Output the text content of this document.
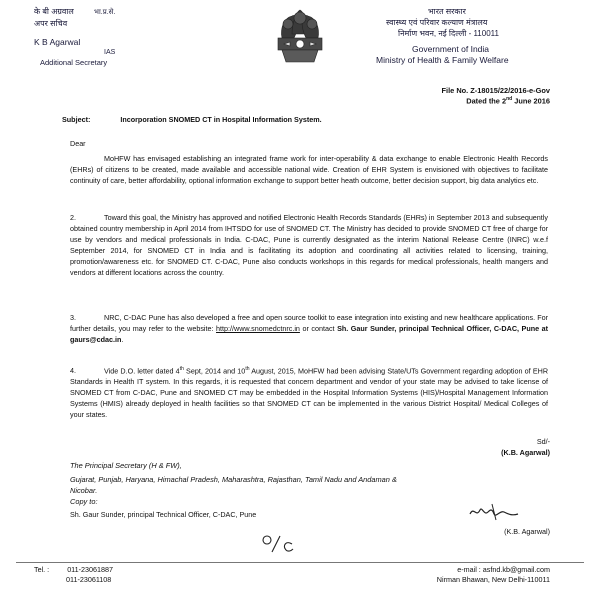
के बी अग्रवाल	भा.प्र.से.
अपर सचिव
K B Agarwal
IAS
Additional Secretary
भारत सरकार
स्वास्थ्य एवं परिवार कल्याण मंत्रालय
निर्माण भवन, नई दिल्ली - 110011
Government of India
Ministry of Health & Family Welfare
File No. Z-18015/22/2016-e-Gov
Dated the 2nd June 2016
Subject:	Incorporation SNOMED CT in Hospital Information System.
Dear
MoHFW has envisaged establishing an integrated frame work for inter-operability & data exchange to enable Electronic Health Records (EHRs) of citizens to be created, made available and accessible national wide. Creation of EHR System is envisioned with objectives to facilitate continuity of care, better affordability, optional information exchange to support better heath outcome, better decision support, big data analytics etc.
2.	Toward this goal, the Ministry has approved and notified Electronic Health Records Standards (EHRs) in September 2013 and subsequently obtained country membership in April 2014 from IHTSDO for use of SNOMED CT. The Ministry has decided to provide SNOMED CT free of charge for use by vendors and medical professionals in India. C-DAC, Pune is currently designated as the interim National Release Centre (INRC) w.e.f September 2014, for SNOMED CT in India and is facilitating its adoption and coordinating all activities related to licensing, training, promotion/awareness etc. for SNOMED CT. C-DAC, Pune also conducts workshops in this regards for medical professionals, health mangers and vendors at different locations across the country.
3.	NRC, C-DAC Pune has also developed a free and open source toolkit to ease integration into existing and new healthcare applications. For further details, you may refer to the website: http://www.snomedctnrc.in or contact Sh. Gaur Sunder, principal Technical Officer, C-DAC, Pune at gaurs@cdac.in.
4.	Vide D.O. letter dated 4th Sept, 2014 and 10th August, 2015, MoHFW had been advising State/UTs Government regarding adoption of EHR Standards in Health IT system. In this regards, it is requested that concern department and vendor of your state may be advised to take license of SNOMED CT from C-DAC, Pune and SNOMED CT may be embedded in the Hospital Information Systems (HIS)/Hospital Management Information Systems (HMIS) already deployed in health facilities so that SNOMED CT can be implemented in the various District Hospital/ Medical Colleges of your states.
Sd/-
(K.B. Agarwal)
The Principal Secretary (H & FW),
Gujarat, Punjab, Haryana, Himachal Pradesh, Maharashtra, Rajasthan, Tamil Nadu and Andaman &
Nicobar.
Copy to:
Sh. Gaur Sunder, principal Technical Officer, C-DAC, Pune
(K.B. Agarwal)
Tel. :	011-23061887
011-23061108
e-mail : asfnd.kb@gmail.com
Nirman Bhawan, New Delhi-110011
